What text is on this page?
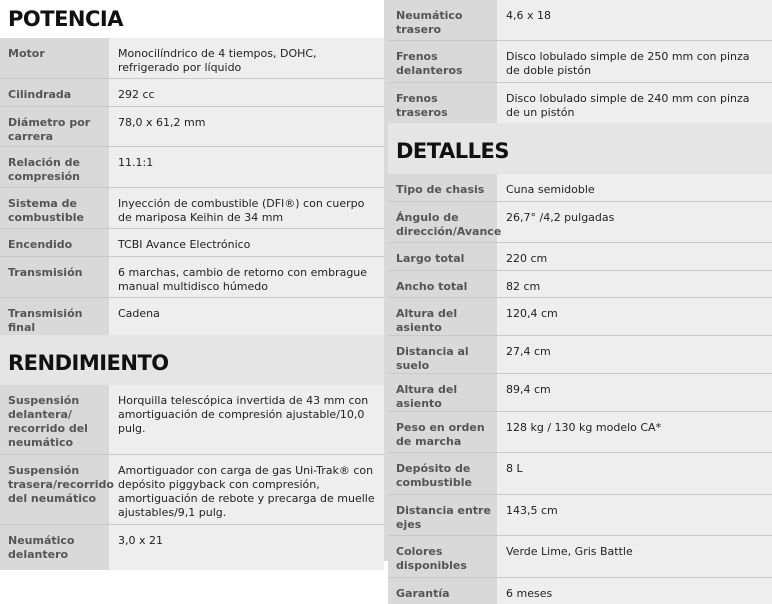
POTENCIA
Motor	Monocilíndrico de 4 tiempos, DOHC, refrigerado por líquido

Cilindrada	292 cc

Diámetro por carrera	78,0 x 61,2 mm

Relación de compresión	11.1:1

Sistema de combustible	Inyección de combustible (DFI®) con cuerpo de mariposa Keihin de 34 mm

Encendido	TCBI Avance Electrónico

Transmisión	6 marchas, cambio de retorno con embrague manual multidisco húmedo

Transmisión final	Cadena
RENDIMIENTO
Suspensión delantera/ recorrido del neumático	Horquilla telescópica invertida de 43 mm con amortiguación de compresión ajustable/10,0 pulg.

Suspensión trasera/recorrido del neumático	Amortiguador con carga de gas Uni-Trak® con depósito piggyback con compresión, amortiguación de rebote y precarga de muelle ajustables/9,1 pulg.

Neumático delantero	3,0 x 21
Neumático trasero	4,6 x 18

Frenos delanteros	Disco lobulado simple de 250 mm con pinza de doble pistón

Frenos traseros	Disco lobulado simple de 240 mm con pinza de un pistón
DETALLES
Tipo de chasis	Cuna semidoble

Ángulo de dirección/Avance	26,7° /4,2 pulgadas

Largo total	220 cm

Ancho total	82 cm

Altura del asiento	120,4 cm

Distancia al suelo	27,4 cm

Altura del asiento	89,4 cm

Peso en orden de marcha	128 kg / 130 kg modelo CA*

Depósito de combustible	8 L

Distancia entre ejes	143,5 cm

Colores disponibles	Verde Lime, Gris Battle

Garantía	6 meses
